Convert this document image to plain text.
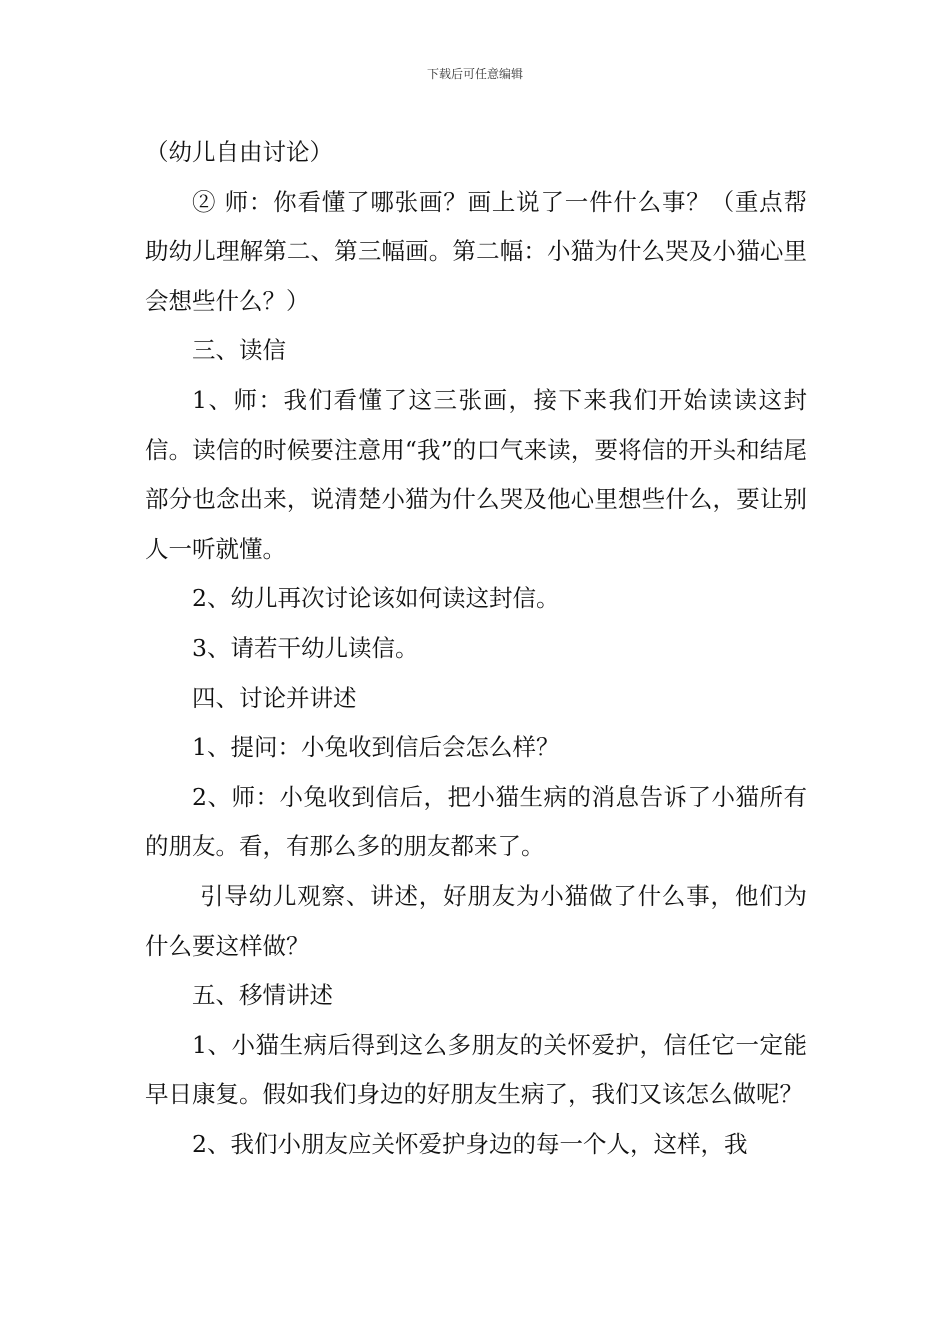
下载后可任意编辑

（幼儿自由讨论）

② 师：你看懂了哪张画？画上说了一件什么事？（重点帮助幼儿理解第二、第三幅画。第二幅：小猫为什么哭及小猫心里会想些什么？）

三、读信

1、师：我们看懂了这三张画，接下来我们开始读读这封信。读信的时候要注意用“我”的口气来读，要将信的开头和结尾部分也念出来，说清楚小猫为什么哭及他心里想些什么，要让别人一听就懂。

2、幼儿再次讨论该如何读这封信。

3、请若干幼儿读信。

四、讨论并讲述

1、提问：小兔收到信后会怎么样？

2、师：小兔收到信后，把小猫生病的消息告诉了小猫所有的朋友。看，有那么多的朋友都来了。

引导幼儿观察、讲述，好朋友为小猫做了什么事，他们为什么要这样做？

五、移情讲述

1、小猫生病后得到这么多朋友的关怀爱护，信任它一定能早日康复。假如我们身边的好朋友生病了，我们又该怎么做呢？

2、我们小朋友应关怀爱护身边的每一个人，这样，我
